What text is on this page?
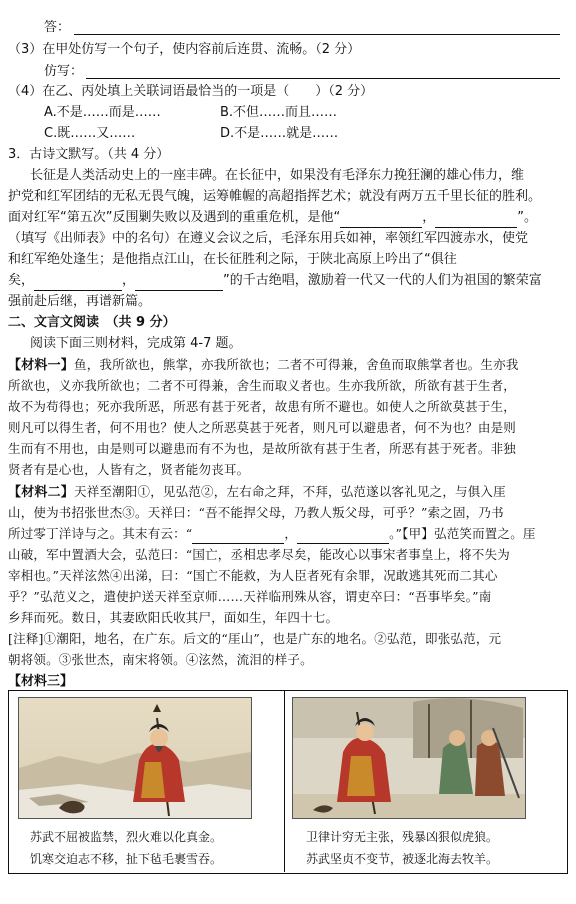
答：
（3）在甲处仿写一个句子，使内容前后连贯、流畅。（2 分）
仿写：
（4）在乙、丙处填上关联词语最恰当的一项是（　　）（2 分）
A.不是……而是……	B.不但……而且……
C.既……又……	D.不是……就是……
3．古诗文默写。（共 4 分）
长征是人类活动史上的一座丰碑。在长征中，如果没有毛泽东力挽狂澜的雄心伟力，维
护党和红军团结的无私无畏气魄，运筹帷幄的高超指挥艺术；就没有两万五千里长征的胜利。
面对红军“第五次”反围剿失败以及遇到的重重危机，是他“	，	”。
（填写《出师表》中的名句）在遵义会议之后，毛泽东用兵如神，率领红军四渡赤水，使党
和红军绝处逢生；是他指点江山，在长征胜利之际，于陕北高原上吟出了“俱往
矣，	，	”的千古绝唱，激励着一代又一代的人们为祖国的繁荣富
强前赴后继，再谱新篇。
二、文言文阅读　（共 9 分）
阅读下面三则材料，完成第 4-7 题。
【材料一】鱼，我所欲也，熊掌，亦我所欲也；二者不可得兼，舍鱼而取熊掌者也。生亦我
所欲也，义亦我所欲也；二者不可得兼，舍生而取义者也。生亦我所欲，所欲有甚于生者，
故不为苟得也；死亦我所恶，所恶有甚于死者，故患有所不避也。如使人之所欲莫甚于生，
则凡可以得生者，何不用也？使人之所恶莫甚于死者，则凡可以避患者，何不为也？由是则
生而有不用也，由是则可以避患而有不为也，是故所欲有甚于生者，所恶有甚于死者。非独
贤者有是心也，人皆有之，贤者能勿丧耳。
【材料二】天祥至潮阳①，见弘范②，左右命之拜，不拜，弘范遂以客礼见之，与俱入厓
山，使为书招张世杰③。天祥曰：“吾不能捍父母，乃教人叛父母，可乎？”索之固，乃书
所过零丁洋诗与之。其末有云：“	，	。”【甲】弘范笑而置之。厓
山破，军中置酒大会，弘范曰：“国亡，丞相忠孝尽矣，能改心以事宋者事皇上，将不失为
宰相也。”天祥泫然④出涕，曰：“国亡不能救，为人臣者死有余罪，况敢逃其死而二其心
乎？”弘范义之，遣使护送天祥至京师……天祥临刑殊从容，谓吏卒曰：“吾事毕矣。”南
乡拜而死。数日，其妻欧阳氏收其尸，面如生，年四十七。
[注释]①潮阳，地名，在广东。后文的“厓山”，也是广东的地名。②弘范，即张弘范，元
朝将领。③张世杰，南宋将领。④泫然，流泪的样子。
【材料三】
苏武不屈被监禁，烈火难以化真金。
饥寒交迫志不移，扯下毡毛裹雪吞。
卫律计穷无主张，残暴凶狠似虎狼。
苏武坚贞不变节，被逐北海去牧羊。
